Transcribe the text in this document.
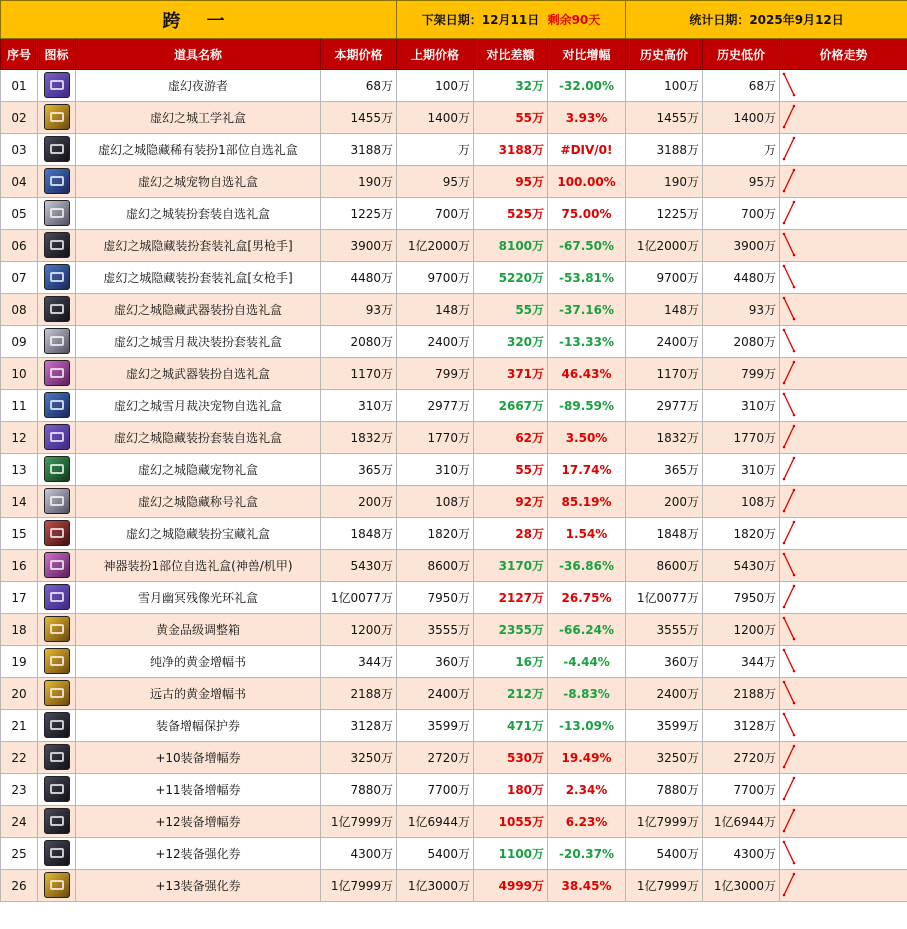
跨 一				下架日期：12月11日 剩余90天			统计日期：2025年9月12日		
序号	图标	道具名称	本期价格	上期价格	对比差额	对比增幅	历史高价	历史低价	价格走势
01		虚幻夜游者	68万	100万	32万	-32.00%	100万	68万	
02		虚幻之城工学礼盒	1455万	1400万	55万	3.93%	1455万	1400万	
03		虚幻之城隐藏稀有装扮1部位自选礼盒	3188万	万	3188万	#DIV/0!	3188万	万	
04		虚幻之城宠物自选礼盒	190万	95万	95万	100.00%	190万	95万	
05		虚幻之城装扮套装自选礼盒	1225万	700万	525万	75.00%	1225万	700万	
06		虚幻之城隐藏装扮套装礼盒[男枪手]	3900万	1亿2000万	8100万	-67.50%	1亿2000万	3900万	
07		虚幻之城隐藏装扮套装礼盒[女枪手]	4480万	9700万	5220万	-53.81%	9700万	4480万	
08		虚幻之城隐藏武器装扮自选礼盒	93万	148万	55万	-37.16%	148万	93万	
09		虚幻之城雪月裁决装扮套装礼盒	2080万	2400万	320万	-13.33%	2400万	2080万	
10		虚幻之城武器装扮自选礼盒	1170万	799万	371万	46.43%	1170万	799万	
11		虚幻之城雪月裁决宠物自选礼盒	310万	2977万	2667万	-89.59%	2977万	310万	
12		虚幻之城隐藏装扮套装自选礼盒	1832万	1770万	62万	3.50%	1832万	1770万	
13		虚幻之城隐藏宠物礼盒	365万	310万	55万	17.74%	365万	310万	
14		虚幻之城隐藏称号礼盒	200万	108万	92万	85.19%	200万	108万	
15		虚幻之城隐藏装扮宝藏礼盒	1848万	1820万	28万	1.54%	1848万	1820万	
16		神器装扮1部位自选礼盒(神兽/机甲)	5430万	8600万	3170万	-36.86%	8600万	5430万	
17		雪月幽冥残像光环礼盒	1亿0077万	7950万	2127万	26.75%	1亿0077万	7950万	
18		黄金品级调整箱	1200万	3555万	2355万	-66.24%	3555万	1200万	
19		纯净的黄金增幅书	344万	360万	16万	-4.44%	360万	344万	
20		远古的黄金增幅书	2188万	2400万	212万	-8.83%	2400万	2188万	
21		装备增幅保护券	3128万	3599万	471万	-13.09%	3599万	3128万	
22		+10装备增幅券	3250万	2720万	530万	19.49%	3250万	2720万	
23		+11装备增幅券	7880万	7700万	180万	2.34%	7880万	7700万	
24		+12装备增幅券	1亿7999万	1亿6944万	1055万	6.23%	1亿7999万	1亿6944万	
25		+12装备强化券	4300万	5400万	1100万	-20.37%	5400万	4300万	
26		+13装备强化券	1亿7999万	1亿3000万	4999万	38.45%	1亿7999万	1亿3000万	
